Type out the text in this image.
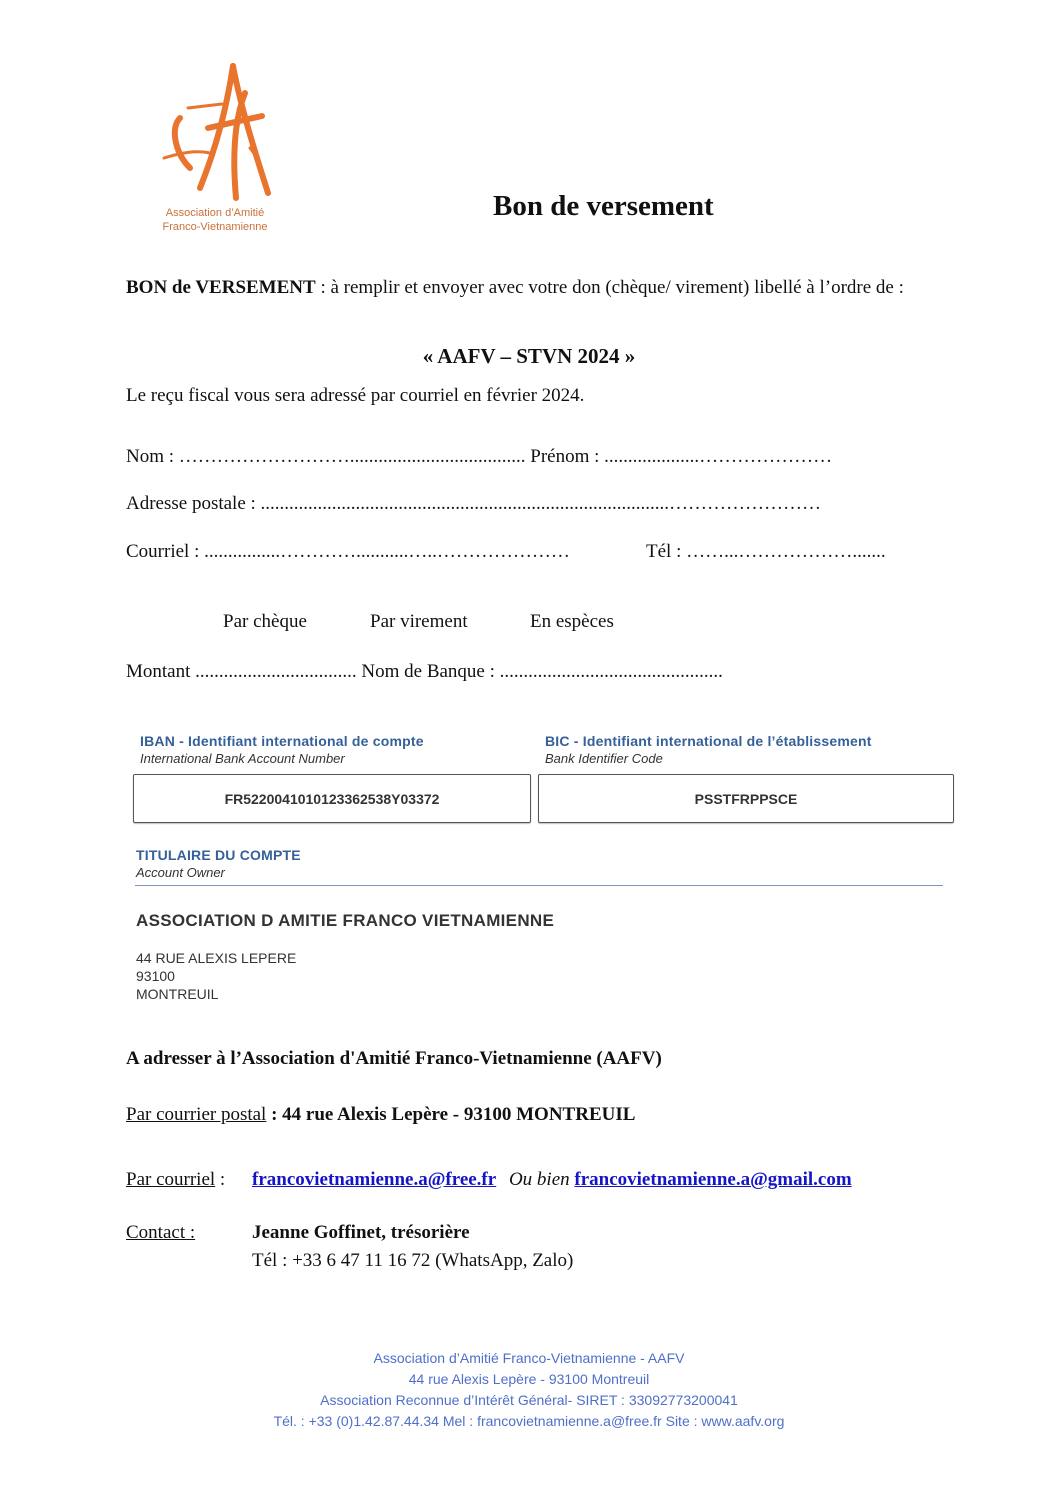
Association d’Amitié
Franco-Vietnamienne
Bon de versement
BON de VERSEMENT : à remplir et envoyer avec votre don (chèque/ virement) libellé à l’ordre de :
« AAFV – STVN 2024 »
Le reçu fiscal vous sera adressé par courriel en février 2024.
Nom : ………………………..................................... Prénom : ....................…………………
Adresse postale : ......................................................................................……………………
Courriel : ................…………...........…..…………………	Tél : ……...……………….......
Par chèque	Par virement	En espèces
Montant .................................. Nom de Banque : ...............................................
IBAN - Identifiant international de compte
International Bank Account Number
BIC - Identifiant international de l’établissement
Bank Identifier Code
FR5220041010123362538Y03372	PSSTFRPPSCE
TITULAIRE DU COMPTE
Account Owner
ASSOCIATION D AMITIE FRANCO VIETNAMIENNE
44 RUE ALEXIS LEPERE
93100
MONTREUIL
A adresser à l’Association d'Amitié Franco-Vietnamienne (AAFV)
Par courrier postal : 44 rue Alexis Lepère - 93100 MONTREUIL
Par courriel : francovietnamienne.a@free.fr Ou bien francovietnamienne.a@gmail.com
Contact :	Jeanne Goffinet, trésorière
Tél : +33 6 47 11 16 72 (WhatsApp, Zalo)
Association d’Amitié Franco-Vietnamienne - AAFV
44 rue Alexis Lepère - 93100 Montreuil
Association Reconnue d’Intérêt Général- SIRET : 33092773200041
Tél. : +33 (0)1.42.87.44.34 Mel : francovietnamienne.a@free.fr Site : www.aafv.org
